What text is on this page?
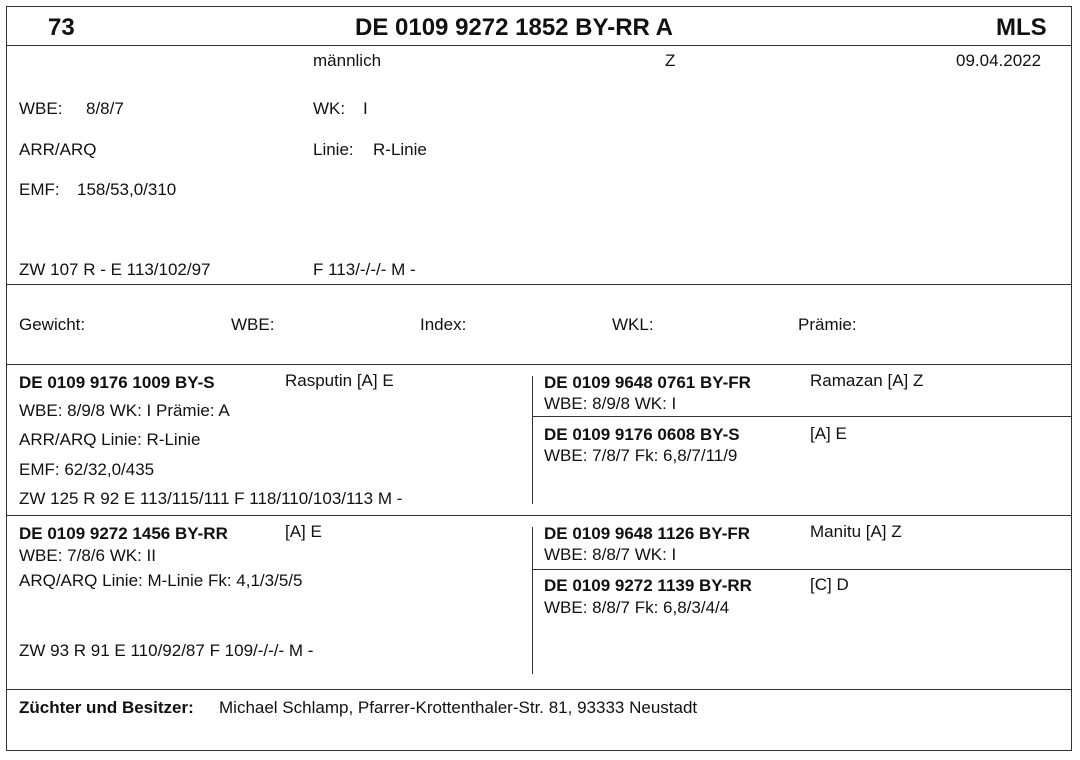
73	DE 0109 9272 1852 BY-RR A	MLS
männlich	Z	09.04.2022
WBE: 8/8/7	WK: I
ARR/ARQ	Linie: R-Linie
EMF: 158/53,0/310
ZW 107 R - E 113/102/97	F 113/-/-/- M -
Gewicht:	WBE:	Index:	WKL:	Prämie:
DE 0109 9176 1009 BY-S	Rasputin [A] E
WBE: 8/9/8 WK: I Prämie: A
ARR/ARQ Linie: R-Linie
EMF: 62/32,0/435
ZW 125 R 92 E 113/115/111 F 118/110/103/113 M -
DE 0109 9648 0761 BY-FR	Ramazan [A] Z
WBE: 8/9/8 WK: I
DE 0109 9176 0608 BY-S	[A] E
WBE: 7/8/7 Fk: 6,8/7/11/9
DE 0109 9272 1456 BY-RR	[A] E
WBE: 7/8/6 WK: II
ARQ/ARQ Linie: M-Linie Fk: 4,1/3/5/5
ZW 93 R 91 E 110/92/87 F 109/-/-/- M -
DE 0109 9648 1126 BY-FR	Manitu [A] Z
WBE: 8/8/7 WK: I
DE 0109 9272 1139 BY-RR	[C] D
WBE: 8/8/7 Fk: 6,8/3/4/4
Züchter und Besitzer: Michael Schlamp, Pfarrer-Krottenthaler-Str. 81, 93333 Neustadt
